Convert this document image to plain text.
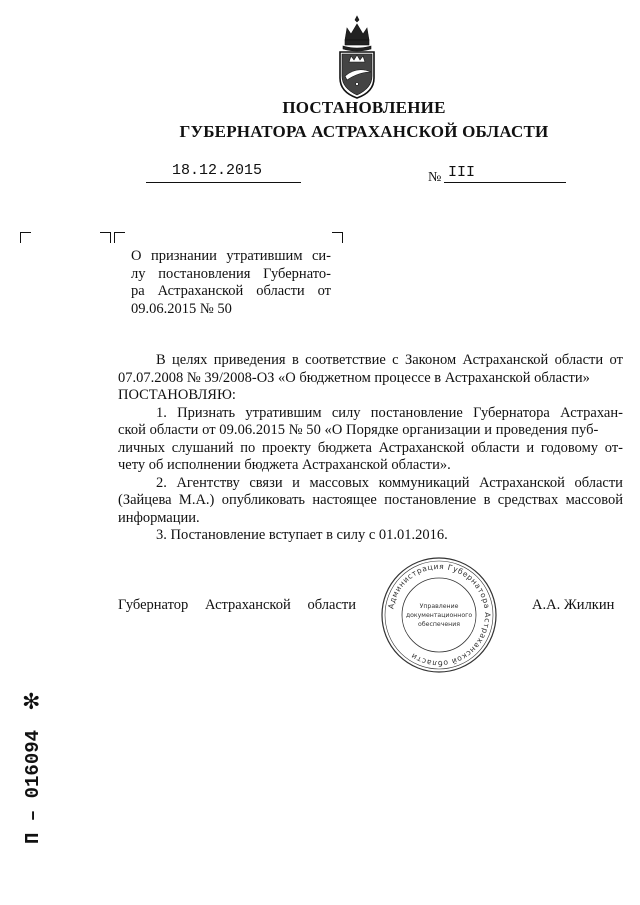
ПОСТАНОВЛЕНИЕ
ГУБЕРНАТОРА АСТРАХАНСКОЙ ОБЛАСТИ
18.12.2015	№ III
О признании утратившим си-
лу постановления Губернато-
ра Астраханской области от
09.06.2015 № 50
В целях приведения в соответствие с Законом Астраханской области от
07.07.2008 № 39/2008-ОЗ «О бюджетном процессе в Астраханской области»
ПОСТАНОВЛЯЮ:
1. Признать утратившим силу постановление Губернатора Астрахан-
ской области от 09.06.2015 № 50 «О Порядке организации и проведения пуб-
личных слушаний по проекту бюджета Астраханской области и годовому от-
чету об исполнении бюджета Астраханской области».
2. Агентству связи и массовых коммуникаций Астраханской области
(Зайцева М.А.) опубликовать настоящее постановление в средствах массовой
информации.
3. Постановление вступает в силу с 01.01.2016.
Губернатор Астраханской области	А.А. Жилкин
Администрация Губернатора Астраханской области
Управление
документационного
обеспечения
✻
П – 016094
